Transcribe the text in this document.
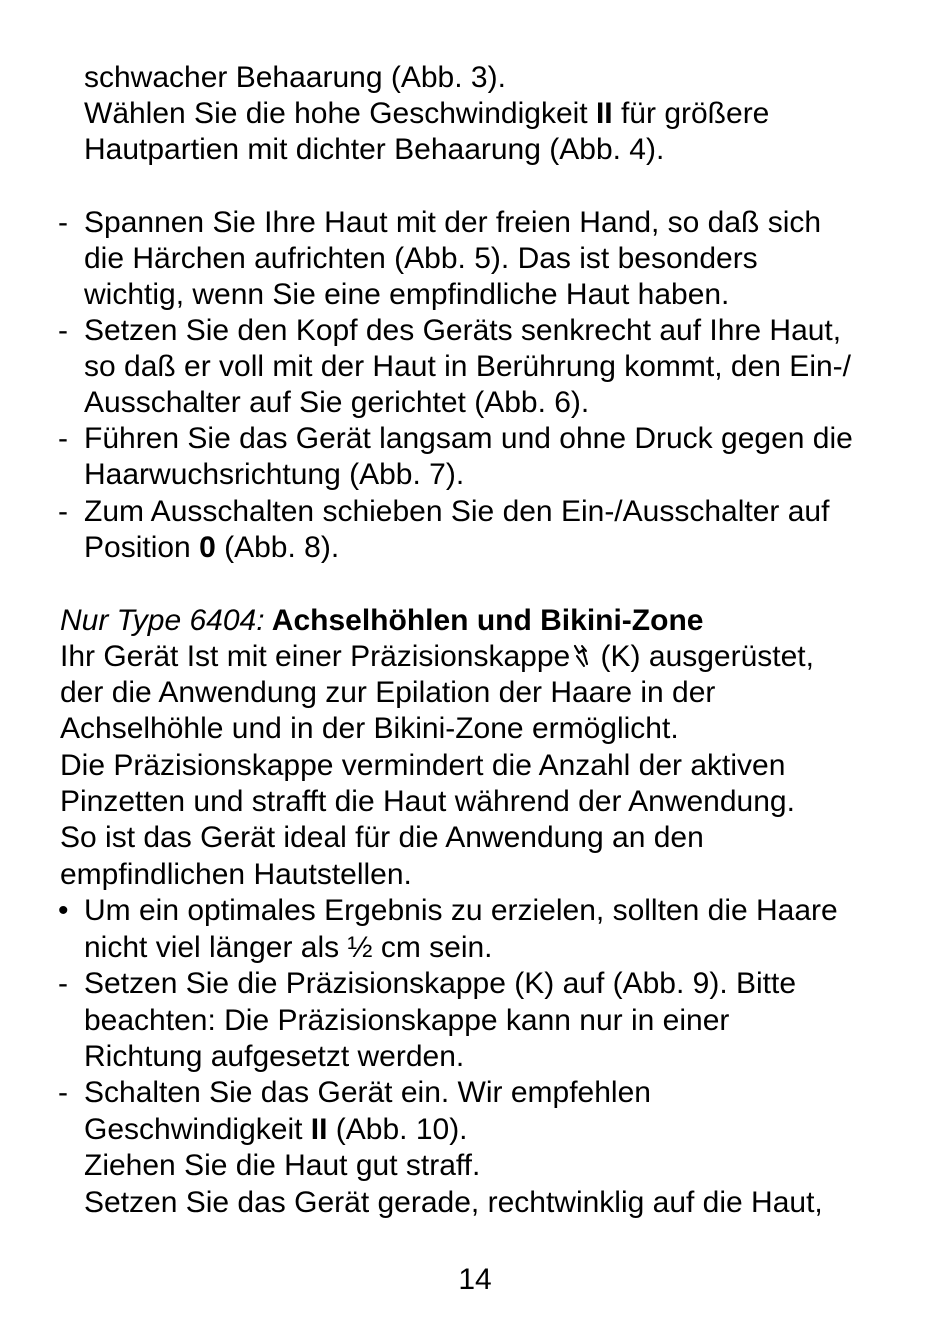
schwacher Behaarung (Abb. 3).
Wählen Sie die hohe Geschwindigkeit II für größere
Hautpartien mit dichter Behaarung (Abb. 4).
- Spannen Sie Ihre Haut mit der freien Hand, so daß sich
die Härchen aufrichten (Abb. 5). Das ist besonders
wichtig, wenn Sie eine empfindliche Haut haben.
- Setzen Sie den Kopf des Geräts senkrecht auf Ihre Haut,
so daß er voll mit der Haut in Berührung kommt, den Ein-/
Ausschalter auf Sie gerichtet (Abb. 6).
- Führen Sie das Gerät langsam und ohne Druck gegen die
Haarwuchsrichtung (Abb. 7).
- Zum Ausschalten schieben Sie den Ein-/Ausschalter auf
Position 0 (Abb. 8).
Nur Type 6404: Achselhöhlen und Bikini-Zone
Ihr Gerät Ist mit einer Präzisionskappe (K) ausgerüstet,
der die Anwendung zur Epilation der Haare in der
Achselhöhle und in der Bikini-Zone ermöglicht.
Die Präzisionskappe vermindert die Anzahl der aktiven
Pinzetten und strafft die Haut während der Anwendung.
So ist das Gerät ideal für die Anwendung an den
empfindlichen Hautstellen.
• Um ein optimales Ergebnis zu erzielen, sollten die Haare
nicht viel länger als ½ cm sein.
- Setzen Sie die Präzisionskappe (K) auf (Abb. 9). Bitte
beachten: Die Präzisionskappe kann nur in einer
Richtung aufgesetzt werden.
- Schalten Sie das Gerät ein. Wir empfehlen
Geschwindigkeit II (Abb. 10).
Ziehen Sie die Haut gut straff.
Setzen Sie das Gerät gerade, rechtwinklig auf die Haut,
14
